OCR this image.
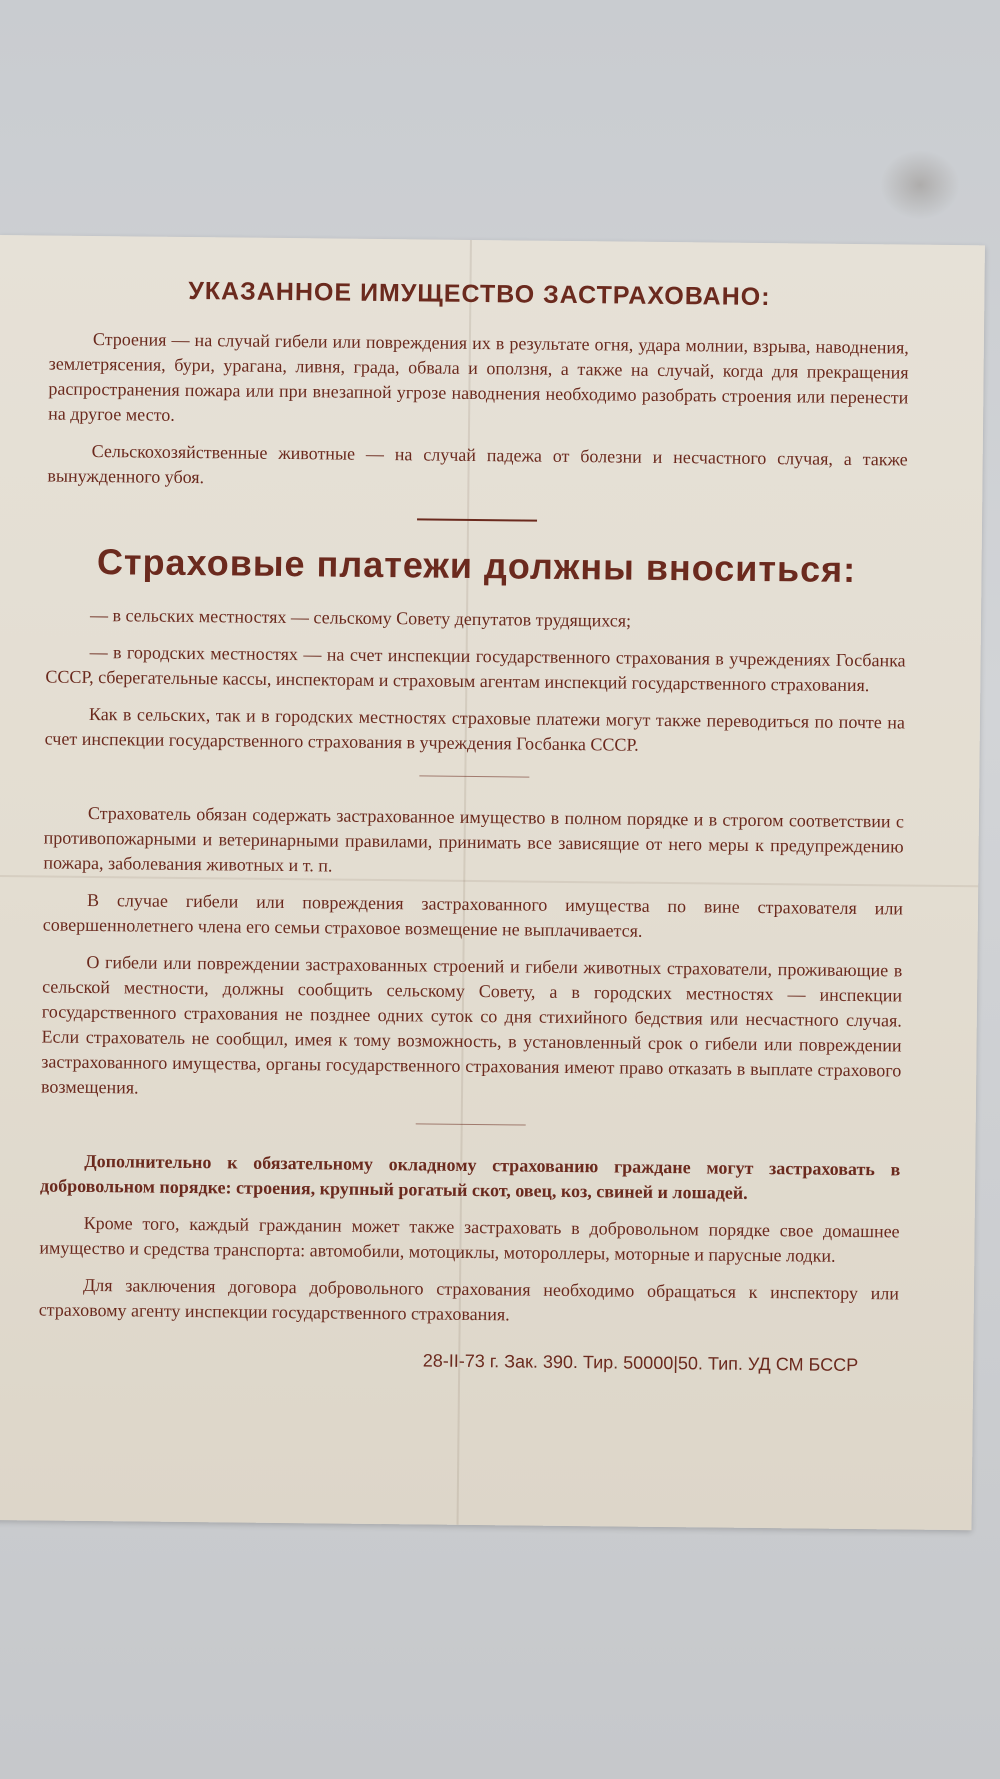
УКАЗАННОЕ ИМУЩЕСТВО ЗАСТРАХОВАНО:

Строения — на случай гибели или повреждения их в результате огня, удара молнии, взрыва, наводнения, землетрясения, бури, урагана, ливня, града, обвала и оползня, а также на случай, когда для прекращения распространения пожара или при внезапной угрозе наводнения необходимо разобрать строения или перенести на другое место.

Сельскохозяйственные животные — на случай падежа от болезни и несчастного случая, а также вынужденного убоя.

Страховые платежи должны вноситься:

— в сельских местностях — сельскому Совету депутатов трудящихся;

— в городских местностях — на счет инспекции государственного страхования в учреждениях Госбанка СССР, сберегательные кассы, инспекторам и страховым агентам инспекций государственного страхования.

Как в сельских, так и в городских местностях страховые платежи могут также переводиться по почте на счет инспекции государственного страхования в учреждения Госбанка СССР.

Страхователь обязан содержать застрахованное имущество в полном порядке и в строгом соответствии с противопожарными и ветеринарными правилами, принимать все зависящие от него меры к предупреждению пожара, заболевания животных и т. п.

В случае гибели или повреждения застрахованного имущества по вине страхователя или совершеннолетнего члена его семьи страховое возмещение не выплачивается.

О гибели или повреждении застрахованных строений и гибели животных страхователи, проживающие в сельской местности, должны сообщить сельскому Совету, а в городских местностях — инспекции государственного страхования не позднее одних суток со дня стихийного бедствия или несчастного случая. Если страхователь не сообщил, имея к тому возможность, в установленный срок о гибели или повреждении застрахованного имущества, органы государственного страхования имеют право отказать в выплате страхового возмещения.

Дополнительно к обязательному окладному страхованию граждане могут застраховать в добровольном порядке: строения, крупный рогатый скот, овец, коз, свиней и лошадей.

Кроме того, каждый гражданин может также застраховать в добровольном порядке свое домашнее имущество и средства транспорта: автомобили, мотоциклы, мотороллеры, моторные и парусные лодки.

Для заключения договора добровольного страхования необходимо обращаться к инспектору или страховому агенту инспекции государственного страхования.

28-II-73 г. Зак. 390. Тир. 50000|50. Тип. УД СМ БССР
